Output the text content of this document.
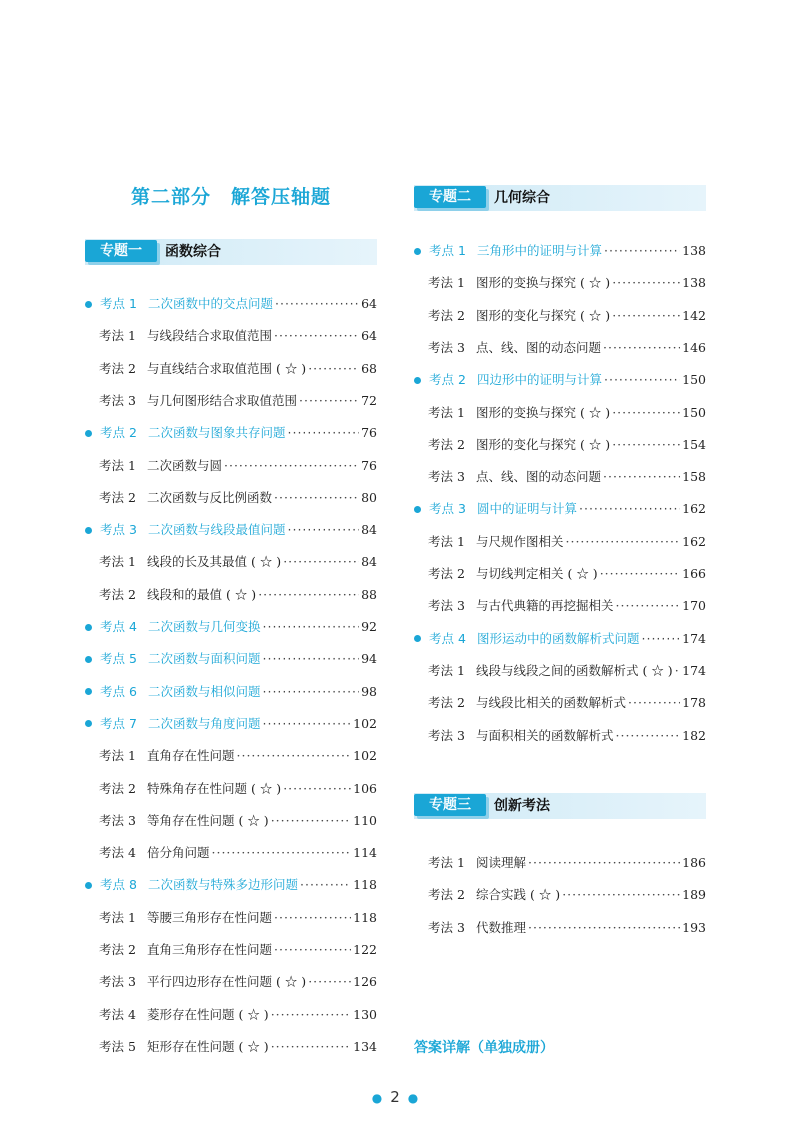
第二部分　解答压轴题
专题一	函数综合
考点 1 二次函数中的交点问题 ·····	64
考法 1 与线段结合求取值范围 ·····	64
考法 2 与直线结合求取值范围 ( ☆ ) ·····	68
考法 3 与几何图形结合求取值范围 ·····	72
考点 2 二次函数与图象共存问题 ·····	76
考法 1 二次函数与圆 ·····	76
考法 2 二次函数与反比例函数 ·····	80
考点 3 二次函数与线段最值问题 ·····	84
考法 1 线段的长及其最值 ( ☆ ) ·····	84
考法 2 线段和的最值 ( ☆ ) ·····	88
考点 4 二次函数与几何变换 ·····	92
考点 5 二次函数与面积问题 ·····	94
考点 6 二次函数与相似问题 ·····	98
考点 7 二次函数与角度问题 ·····	102
考法 1 直角存在性问题 ·····	102
考法 2 特殊角存在性问题 ( ☆ ) ·····	106
考法 3 等角存在性问题 ( ☆ ) ·····	110
考法 4 倍分角问题 ·····	114
考点 8 二次函数与特殊多边形问题 ·····	118
考法 1 等腰三角形存在性问题 ·····	118
考法 2 直角三角形存在性问题 ·····	122
考法 3 平行四边形存在性问题 ( ☆ ) ·····	126
考法 4 菱形存在性问题 ( ☆ ) ·····	130
考法 5 矩形存在性问题 ( ☆ ) ·····	134
专题二	几何综合
考点 1 三角形中的证明与计算 ·····	138
考法 1 图形的变换与探究 ( ☆ ) ·····	138
考法 2 图形的变化与探究 ( ☆ ) ·····	142
考法 3 点、线、图的动态问题 ·····	146
考点 2 四边形中的证明与计算 ·····	150
考法 1 图形的变换与探究 ( ☆ ) ·····	150
考法 2 图形的变化与探究 ( ☆ ) ·····	154
考法 3 点、线、图的动态问题 ·····	158
考点 3 圆中的证明与计算 ·····	162
考法 1 与尺规作图相关 ·····	162
考法 2 与切线判定相关 ( ☆ ) ·····	166
考法 3 与古代典籍的再挖掘相关 ·····	170
考点 4 图形运动中的函数解析式问题 ·····	174
考法 1 线段与线段之间的函数解析式 ( ☆ ) ····· 174
考法 2 与线段比相关的函数解析式 ·····	178
考法 3 与面积相关的函数解析式 ·····	182
专题三	创新考法
考法 1 阅读理解 ·····	186
考法 2 综合实践 ( ☆ ) ·····	189
考法 3 代数推理 ·····	193
答案详解（单独成册）
● 2 ●
